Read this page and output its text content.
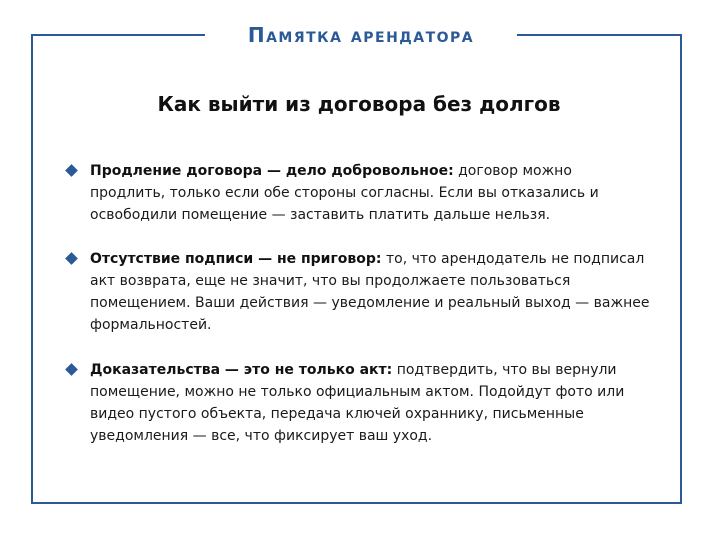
Памятка арендатора
Как выйти из договора без долгов
Продление договора — дело добровольное: договор можно продлить, только если обе стороны согласны. Если вы отказались и освободили помещение — заставить платить дальше нельзя.
Отсутствие подписи — не приговор: то, что арендодатель не подписал акт возврата, еще не значит, что вы продолжаете пользоваться помещением. Ваши действия — уведомление и реальный выход — важнее формальностей.
Доказательства — это не только акт: подтвердить, что вы вернули помещение, можно не только официальным актом. Подойдут фото или видео пустого объекта, передача ключей охраннику, письменные уведомления — все, что фиксирует ваш уход.
